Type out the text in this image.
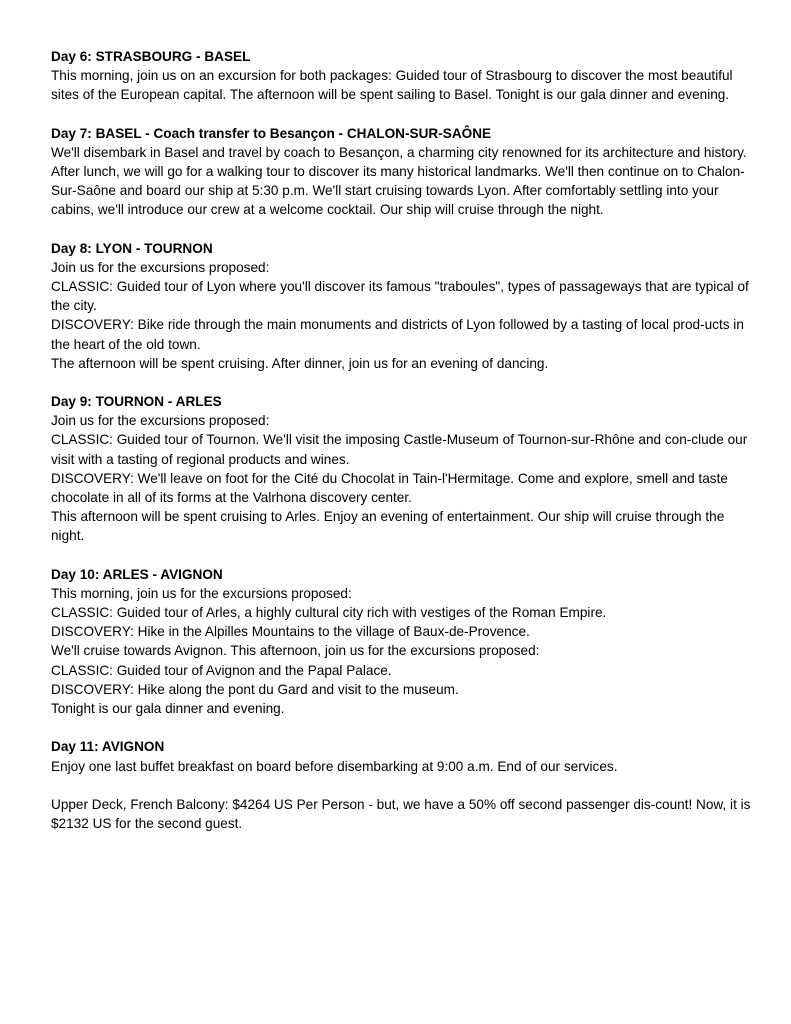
Day 6: STRASBOURG - BASEL

This morning, join us on an excursion for both packages: Guided tour of Strasbourg to discover the most beautiful sites of the European capital. The afternoon will be spent sailing to Basel. Tonight is our gala dinner and evening.

Day 7: BASEL - Coach transfer to Besançon - CHALON-SUR-SAÔNE

We'll disembark in Basel and travel by coach to Besançon, a charming city renowned for its architecture and history. After lunch, we will go for a walking tour to discover its many historical landmarks. We'll then continue on to Chalon-Sur-Saône and board our ship at 5:30 p.m. We'll start cruising towards Lyon. After comfortably settling into your cabins, we'll introduce our crew at a welcome cocktail. Our ship will cruise through the night.

Day 8: LYON - TOURNON

Join us for the excursions proposed:

CLASSIC: Guided tour of Lyon where you'll discover its famous "traboules", types of passageways that are typical of the city.

DISCOVERY: Bike ride through the main monuments and districts of Lyon followed by a tasting of local prod-ucts in the heart of the old town.

The afternoon will be spent cruising. After dinner, join us for an evening of dancing.

Day 9: TOURNON - ARLES

Join us for the excursions proposed:

CLASSIC: Guided tour of Tournon. We'll visit the imposing Castle-Museum of Tournon-sur-Rhône and con-clude our visit with a tasting of regional products and wines.

DISCOVERY: We'll leave on foot for the Cité du Chocolat in Tain-l'Hermitage. Come and explore, smell and taste chocolate in all of its forms at the Valrhona discovery center.

This afternoon will be spent cruising to Arles. Enjoy an evening of entertainment. Our ship will cruise through the night.

Day 10: ARLES - AVIGNON

This morning, join us for the excursions proposed:

CLASSIC: Guided tour of Arles, a highly cultural city rich with vestiges of the Roman Empire.

DISCOVERY: Hike in the Alpilles Mountains to the village of Baux-de-Provence.

We'll cruise towards Avignon. This afternoon, join us for the excursions proposed:

CLASSIC: Guided tour of Avignon and the Papal Palace.

DISCOVERY: Hike along the pont du Gard and visit to the museum.

Tonight is our gala dinner and evening.

Day 11: AVIGNON

Enjoy one last buffet breakfast on board before disembarking at 9:00 a.m. End of our services.

Upper Deck, French Balcony: $4264 US Per Person - but, we have a 50% off second passenger dis-count! Now, it is $2132 US for the second guest.
